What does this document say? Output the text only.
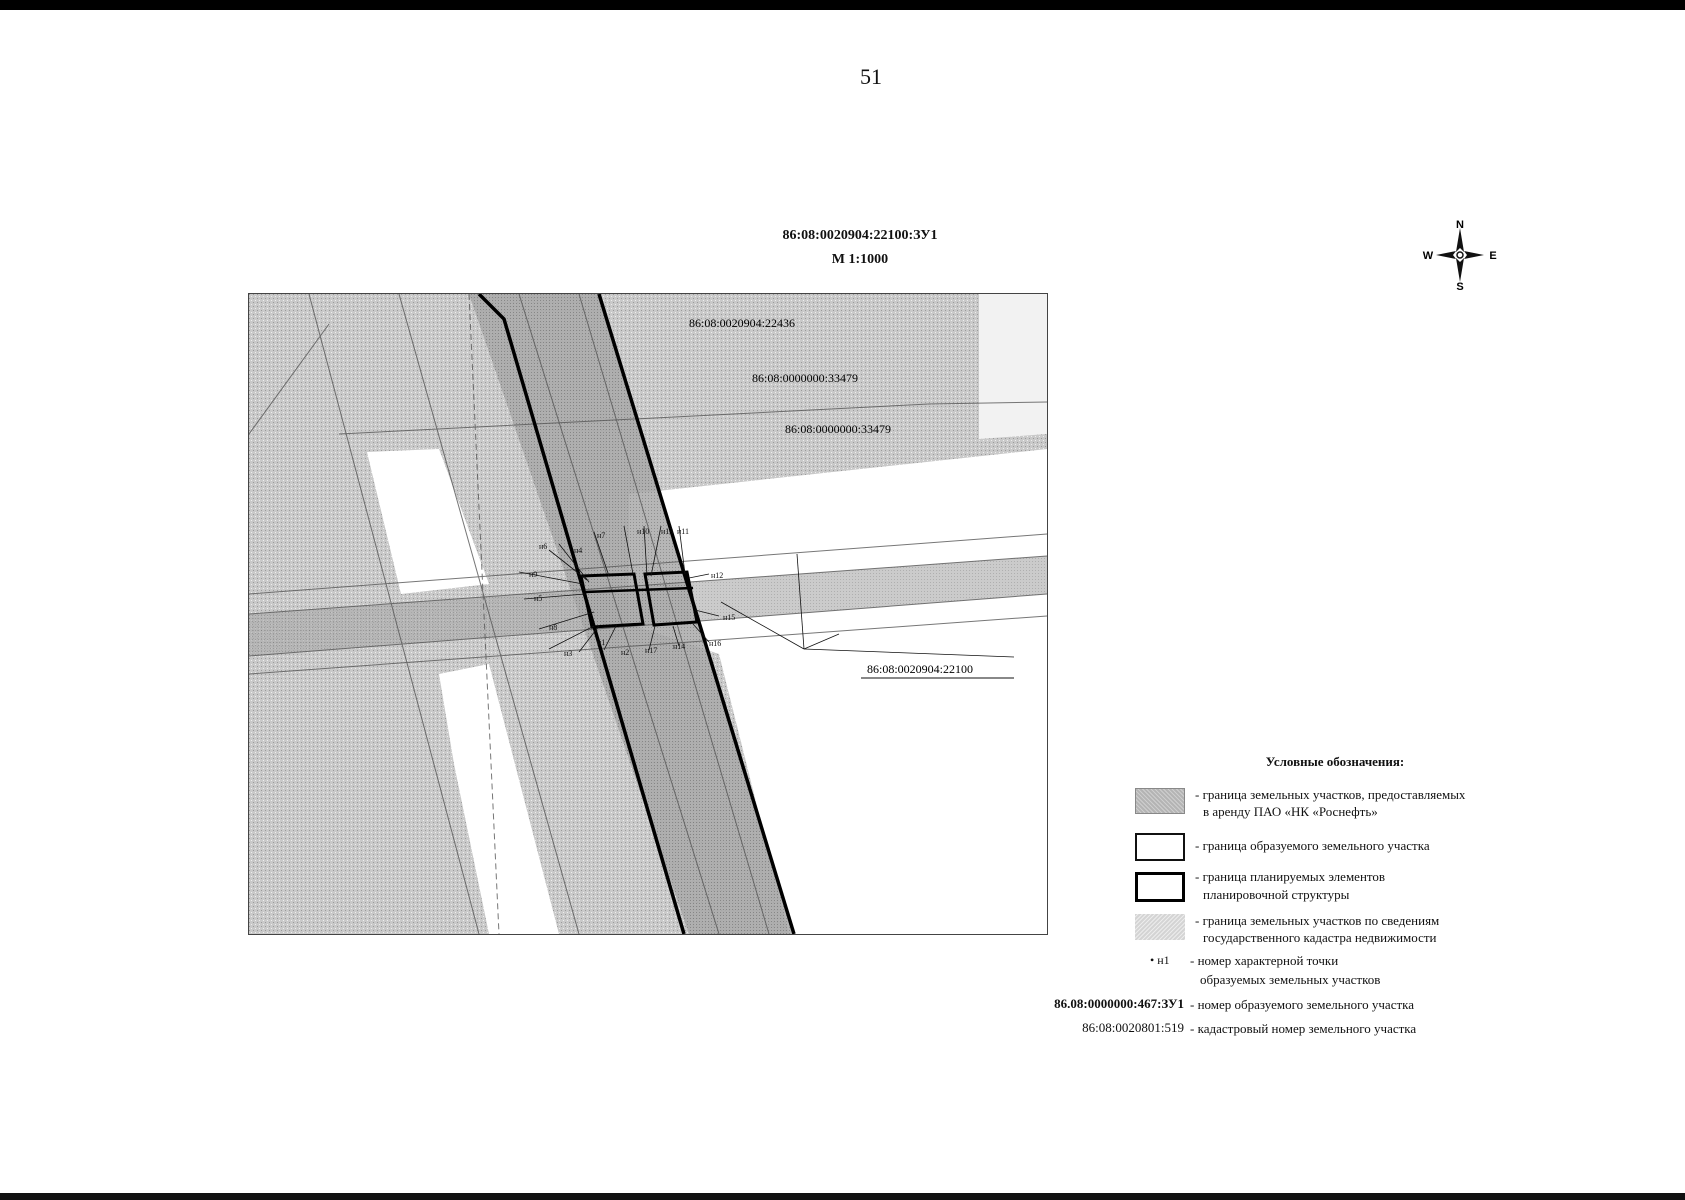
51
86:08:0020904:22100:ЗУ1
М 1:1000
N
S
W	E
86:08:0020904:22436
86:08:0000000:33479
86:08:0000000:33479
86:08:0020904:22100
н6	н4
н7	н10 н13 н11
н9	н12
н5
н15
н8
н3
н1
н2 н17 н14	н16
Условные обозначения:
- граница земельных участков, предоставляемых
в аренду ПАО «НК «Роснефть»
- граница образуемого земельного участка
- граница планируемых элементов
планировочной структуры
- граница земельных участков по сведениям
государственного кадастра недвижимости
• н1	- номер характерной точки
образуемых земельных участков
86.08:0000000:467:ЗУ1 - номер образуемого земельного участка
86:08:0020801:519 - кадастровый номер земельного участка
